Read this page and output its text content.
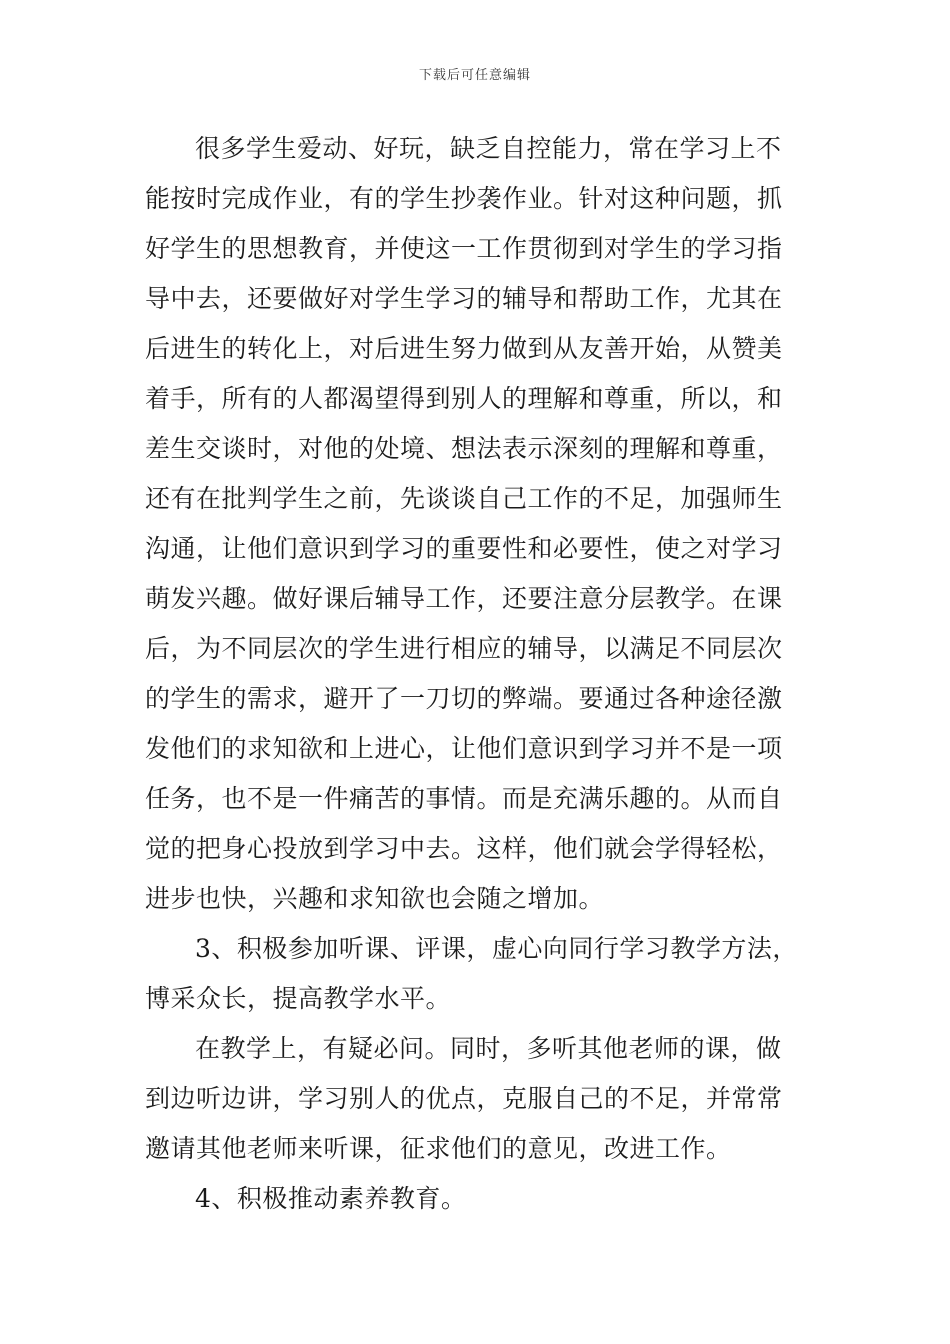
下载后可任意编辑
很多学生爱动、好玩，缺乏自控能力，常在学习上不
能按时完成作业，有的学生抄袭作业。针对这种问题，抓
好学生的思想教育，并使这一工作贯彻到对学生的学习指
导中去，还要做好对学生学习的辅导和帮助工作，尤其在
后进生的转化上，对后进生努力做到从友善开始，从赞美
着手，所有的人都渴望得到别人的理解和尊重，所以，和
差生交谈时，对他的处境、想法表示深刻的理解和尊重，
还有在批判学生之前，先谈谈自己工作的不足，加强师生
沟通，让他们意识到学习的重要性和必要性，使之对学习
萌发兴趣。做好课后辅导工作，还要注意分层教学。在课
后，为不同层次的学生进行相应的辅导，以满足不同层次
的学生的需求，避开了一刀切的弊端。要通过各种途径激
发他们的求知欲和上进心，让他们意识到学习并不是一项
任务，也不是一件痛苦的事情。而是充满乐趣的。从而自
觉的把身心投放到学习中去。这样，他们就会学得轻松，
进步也快，兴趣和求知欲也会随之增加。
3、积极参加听课、评课，虚心向同行学习教学方法，
博采众长，提高教学水平。
在教学上，有疑必问。同时，多听其他老师的课，做
到边听边讲，学习别人的优点，克服自己的不足，并常常
邀请其他老师来听课，征求他们的意见，改进工作。
4、积极推动素养教育。
